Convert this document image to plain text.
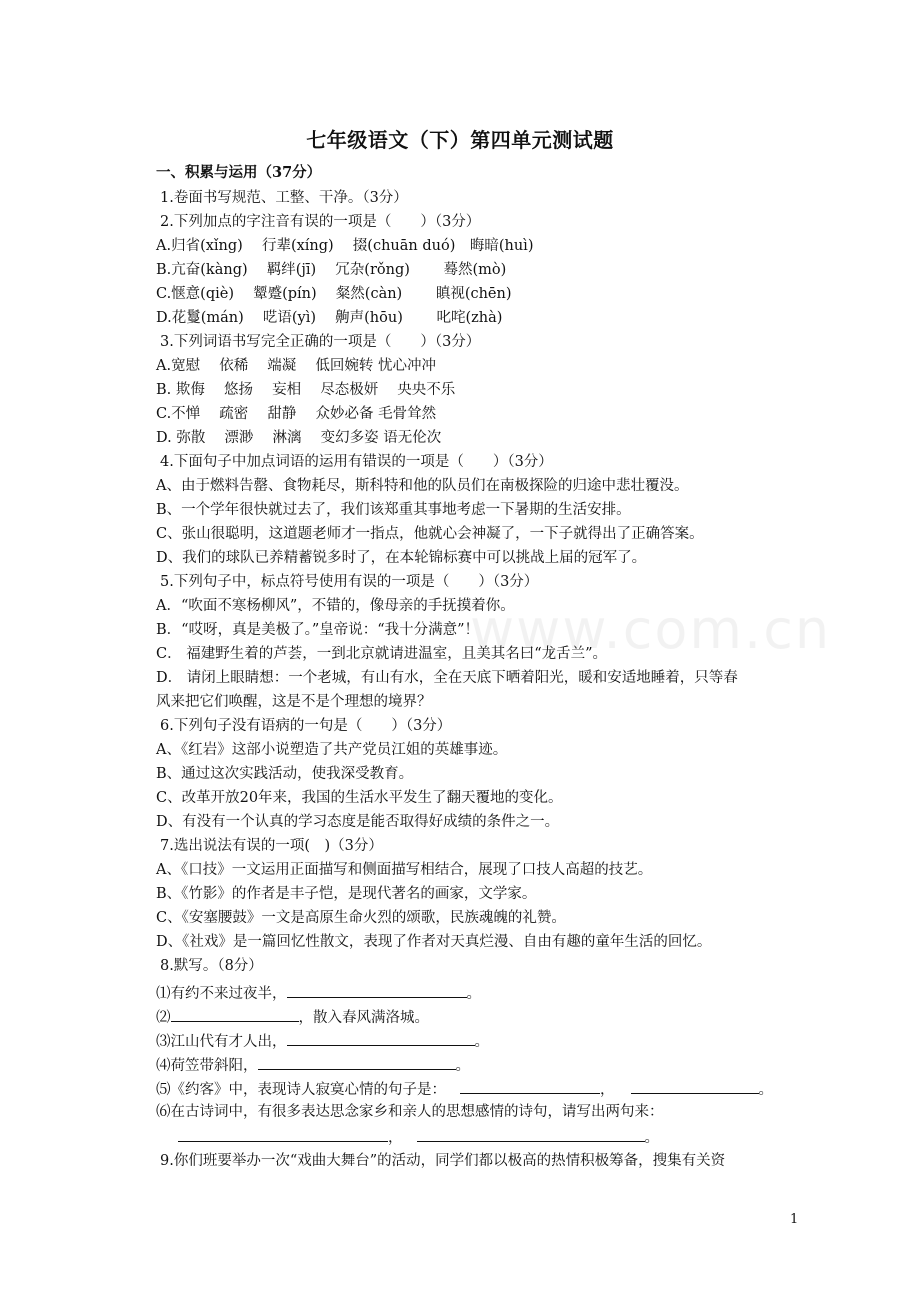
七年级语文（下）第四单元测试题
www.com.cn
一、积累与运用（37分）
1.卷面书写规范、工整、干净。（3分）
2.下列加点的字注音有误的一项是（　　）（3分）
A.归省(xǐng)　 行辈(xíng)　 掇(chuān duó)　晦暗(huì)
B.亢奋(kàng)　 羁绊(jī)　 冗杂(rǒng)　　 蓦然(mò)
C.惬意(qiè)　 颦蹙(pín)　 粲然(càn)　　 瞋视(chēn)
D.花鬘(mán)　 呓语(yì)　 齁声(hōu)　　 叱咤(zhà)
3.下列词语书写完全正确的一项是（　　）（3分）
A.宽慰　 依稀　 端凝　 低回婉转 忧心冲冲
B. 欺侮　 悠扬　 妄相　 尽态极妍　 央央不乐
C.不惮　 疏密　 甜静　 众妙必备 毛骨耸然
D. 弥散　 漂渺　 淋漓　 变幻多姿 语无伦次
4.下面句子中加点词语的运用有错误的一项是（　　）（3分）
A、由于燃料告罄、食物耗尽，斯科特和他的队员们在南极探险的归途中悲壮覆没。
B、一个学年很快就过去了，我们该郑重其事地考虑一下暑期的生活安排。
C、张山很聪明，这道题老师才一指点，他就心会神凝了，一下子就得出了正确答案。
D、我们的球队已养精蓄锐多时了，在本轮锦标赛中可以挑战上届的冠军了。
5.下列句子中，标点符号使用有误的一项是（　　）（3分）
A．“吹面不寒杨柳风”，不错的，像母亲的手抚摸着你。
B．“哎呀，真是美极了。”皇帝说：“我十分满意”！
C． 福建野生着的芦荟，一到北京就请进温室，且美其名曰“龙舌兰”。
D． 请闭上眼睛想：一个老城，有山有水，全在天底下晒着阳光，暖和安适地睡着，只等春
风来把它们唤醒，这是不是个理想的境界？
6.下列句子没有语病的一句是（　　）（3分）
A、《红岩》这部小说塑造了共产党员江姐的英雄事迹。
B、通过这次实践活动，使我深受教育。
C、改革开放20年来，我国的生活水平发生了翻天覆地的变化。
D、有没有一个认真的学习态度是能否取得好成绩的条件之一。
7.选出说法有误的一项(　)（3分）
A、《口技》一文运用正面描写和侧面描写相结合，展现了口技人高超的技艺。
B、《竹影》的作者是丰子恺，是现代著名的画家，文学家。
C、《安塞腰鼓》一文是高原生命火烈的颂歌，民族魂魄的礼赞。
D、《社戏》是一篇回忆性散文，表现了作者对天真烂漫、自由有趣的童年生活的回忆。
8.默写。（8分）
⑴有约不来过夜半，	。
⑵	，散入春风满洛城。
⑶江山代有才人出，	。
⑷荷笠带斜阳，	。
⑸《约客》中，表现诗人寂寞心情的句子是：	，	。
⑹在古诗词中，有很多表达思念家乡和亲人的思想感情的诗句，请写出两句来：
，	。
9.你们班要举办一次“戏曲大舞台”的活动，同学们都以极高的热情积极筹备，搜集有关资
1
